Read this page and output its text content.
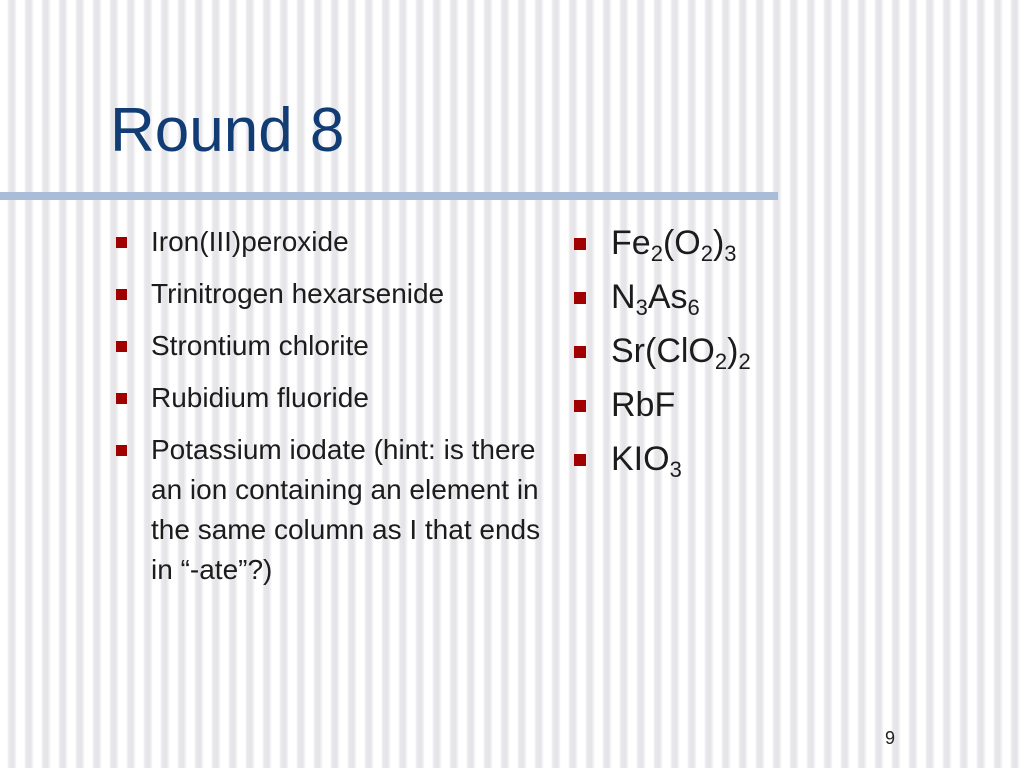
Round 8
Iron(III)peroxide
Trinitrogen hexarsenide
Strontium chlorite
Rubidium fluoride
Potassium iodate (hint: is there an ion containing an element in the same column as I that ends in “-ate”?)
$Fe_2(O_2)_3$
$N_3As_6$
$Sr(ClO_2)_2$
RbF
$KIO_3$
9
